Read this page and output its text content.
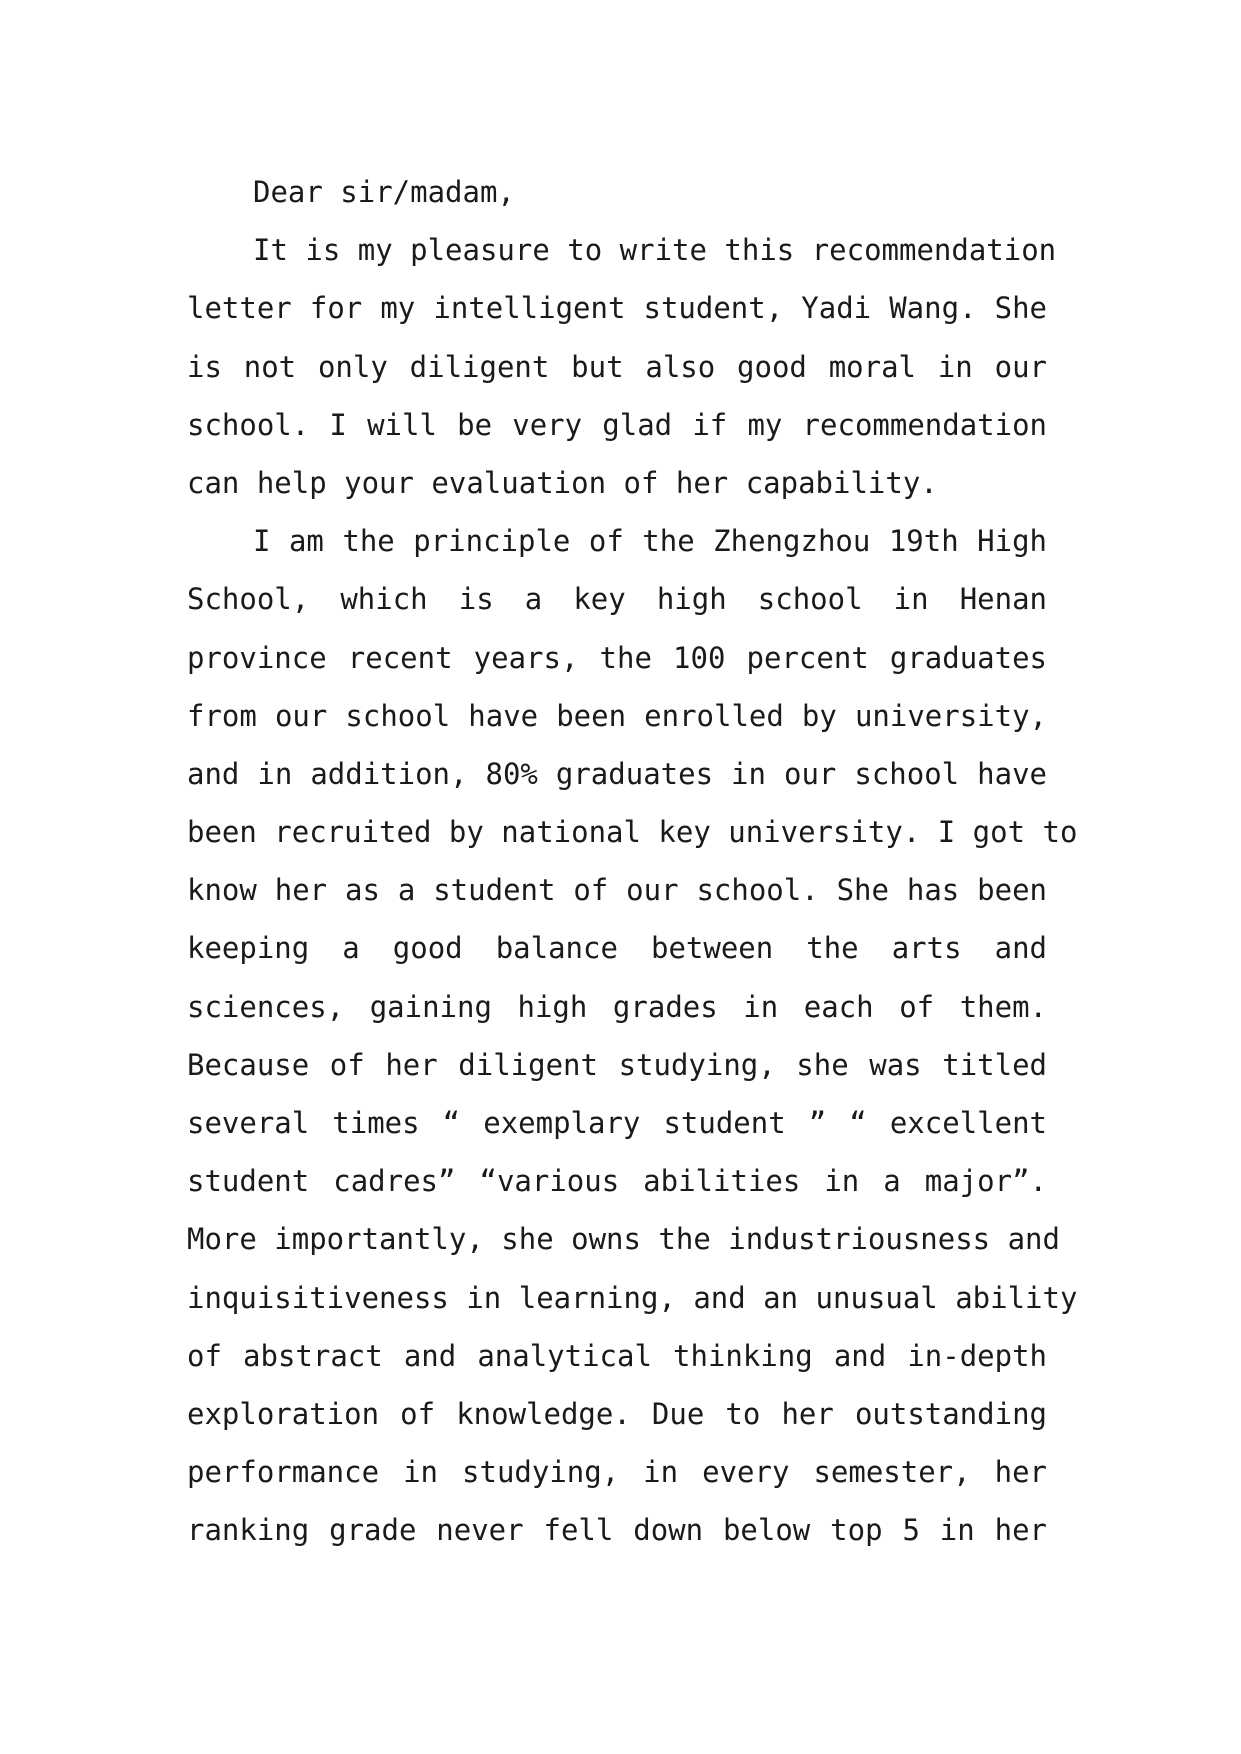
Dear sir/madam,
It is my pleasure to write this recommendation
letter for my intelligent student, Yadi Wang. She
is not only diligent but also good moral in our
school. I will be very glad if my recommendation
can help your evaluation of her capability.
I am the principle of the Zhengzhou 19th High
School, which is a key high school in Henan
province recent years, the 100 percent graduates
from our school have been enrolled by university,
and in addition, 80% graduates in our school have
been recruited by national key university. I got to
know her as a student of our school. She has been
keeping a good balance between the arts and
sciences, gaining high grades in each of them.
Because of her diligent studying, she was titled
several times “ exemplary student ” “ excellent
student cadres” “various abilities in a major”.
More importantly, she owns the industriousness and
inquisitiveness in learning, and an unusual ability
of abstract and analytical thinking and in-depth
exploration of knowledge. Due to her outstanding
performance in studying, in every semester, her
ranking grade never fell down below top 5 in her
